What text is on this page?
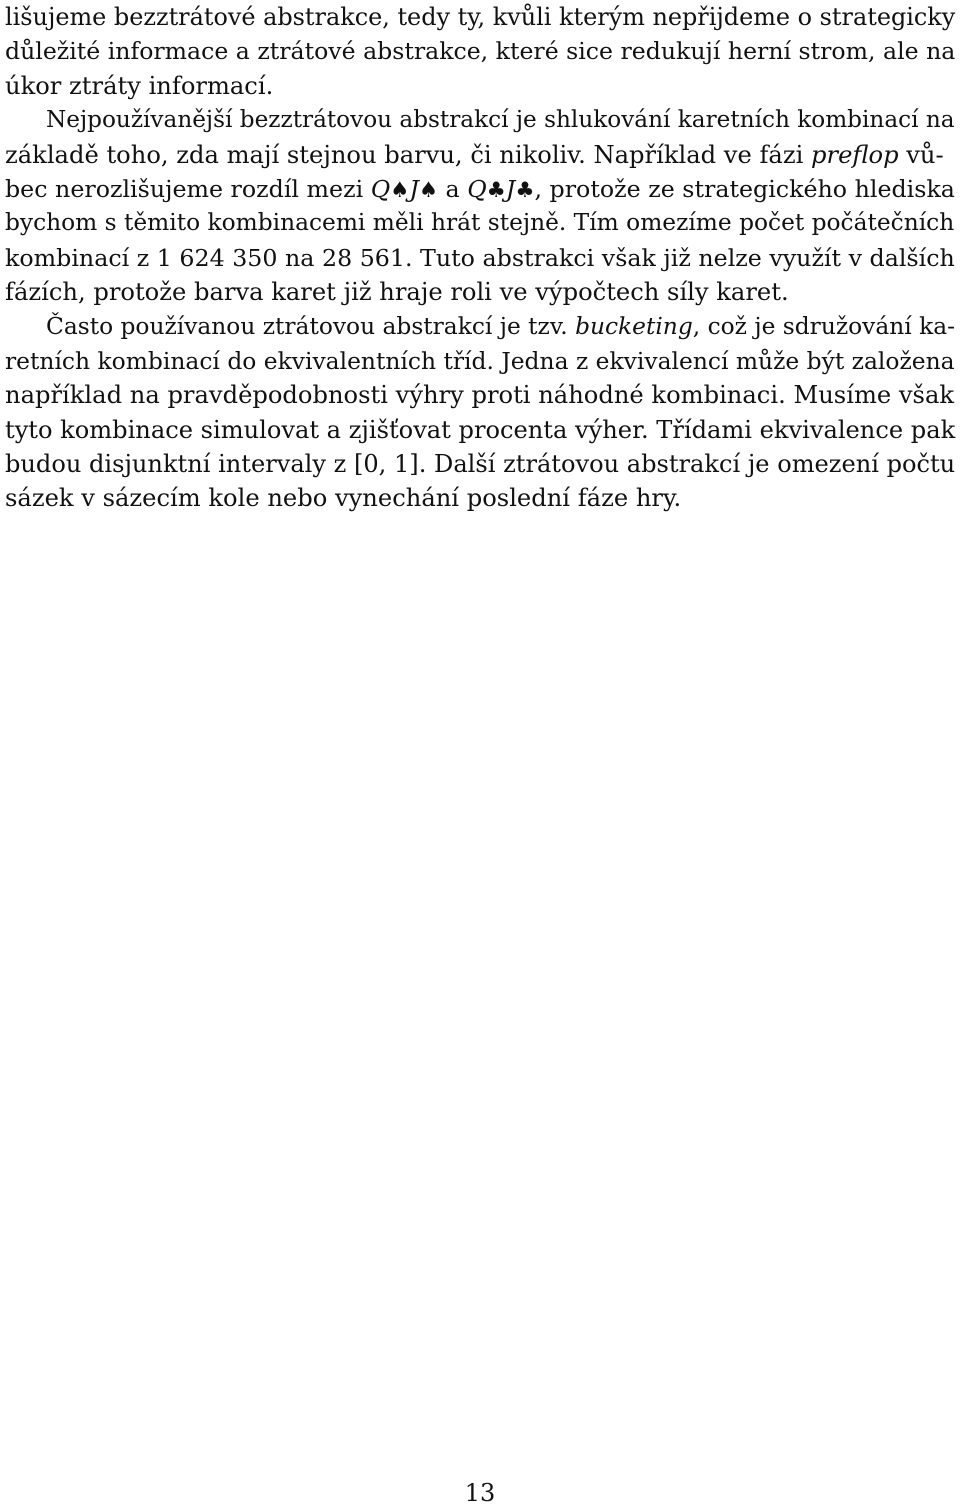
lišujeme bezztrátové abstrakce, tedy ty, kvůli kterým nepřijdeme o strategicky
důležité informace a ztrátové abstrakce, které sice redukují herní strom, ale na
úkor ztráty informací.
Nejpoužívanější bezztrátovou abstrakcí je shlukování karetních kombinací na
základě toho, zda mají stejnou barvu, či nikoliv. Například ve fázi preflop vů-
bec nerozlišujeme rozdíl mezi Q♠J♠ a Q♣J♣, protože ze strategického hlediska
bychom s těmito kombinacemi měli hrát stejně. Tím omezíme počet počátečních
kombinací z 1 624 350 na 28 561. Tuto abstrakci však již nelze využít v dalších
fázích, protože barva karet již hraje roli ve výpočtech síly karet.
Často používanou ztrátovou abstrakcí je tzv. bucketing, což je sdružování ka-
retních kombinací do ekvivalentních tříd. Jedna z ekvivalencí může být založena
například na pravděpodobnosti výhry proti náhodné kombinaci. Musíme však
tyto kombinace simulovat a zjišťovat procenta výher. Třídami ekvivalence pak
budou disjunktní intervaly z [0, 1]. Další ztrátovou abstrakcí je omezení počtu
sázek v sázecím kole nebo vynechání poslední fáze hry.
13
